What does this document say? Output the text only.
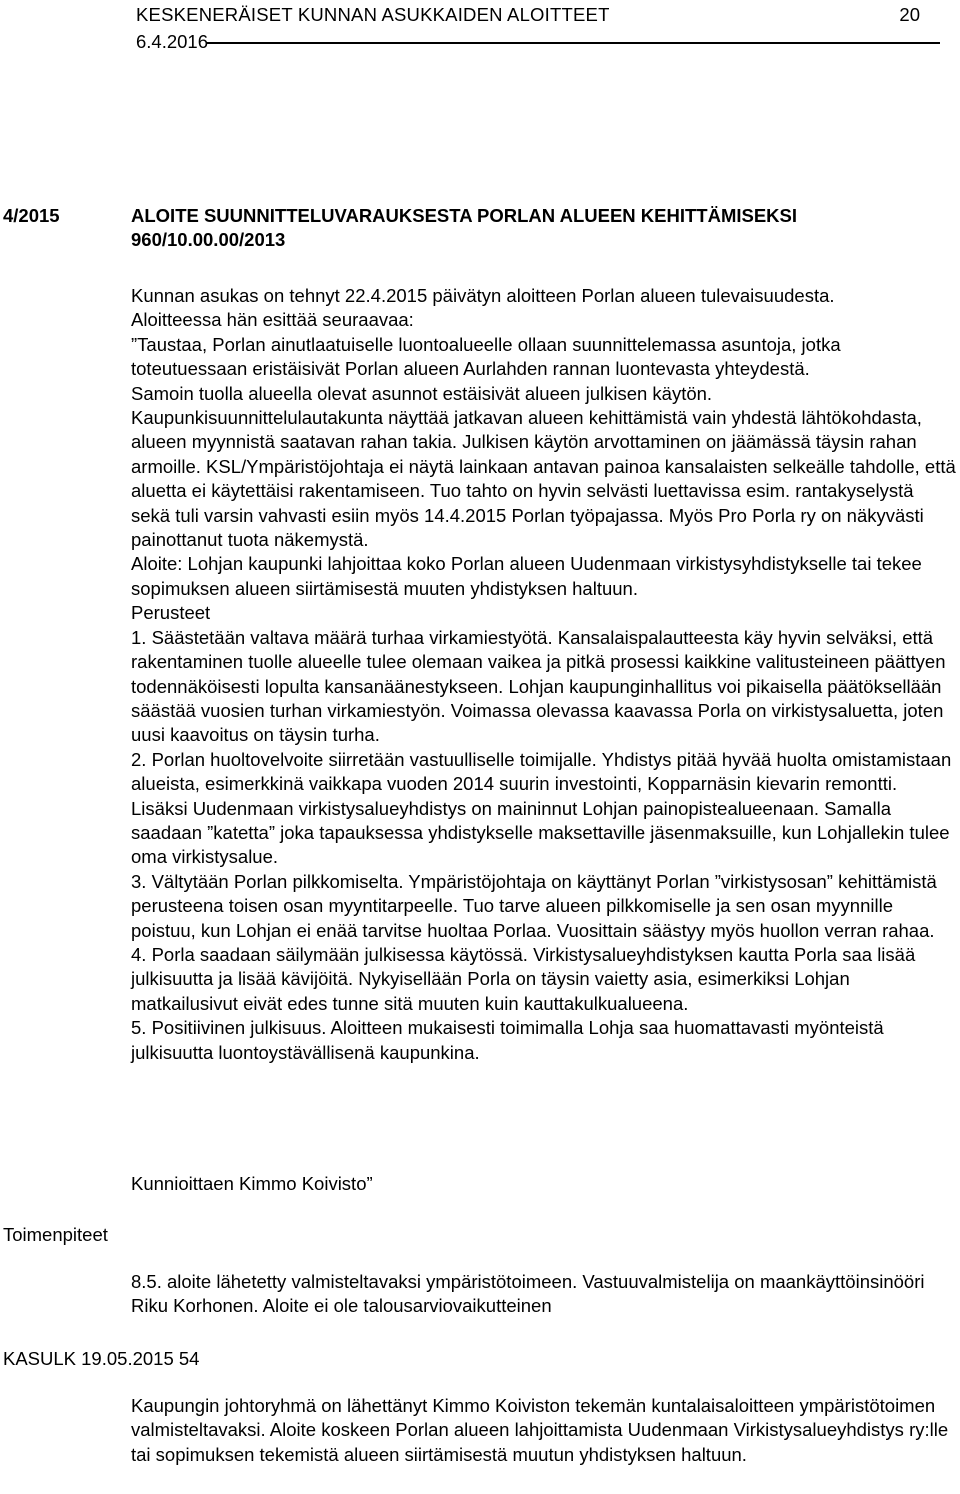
KESKENERÄISET KUNNAN ASUKKAIDEN ALOITTEET	20
6.4.2016
4/2015	ALOITE SUUNNITTELUVARAUKSESTA PORLAN ALUEEN KEHITTÄMISEKSI

960/10.00.00/2013

Kunnan asukas on tehnyt 22.4.2015 päivätyn aloitteen Porlan alueen tulevaisuudesta.

Aloitteessa hän esittää seuraavaa:

”Taustaa, Porlan ainutlaatuiselle luontoalueelle ollaan suunnittelemassa asuntoja, jotka toteutuessaan eristäisivät Porlan alueen Aurlahden rannan luontevasta yhteydestä.

Samoin tuolla alueella olevat asunnot estäisivät alueen julkisen käytön.

Kaupunkisuunnittelulautakunta näyttää jatkavan alueen kehittämistä vain yhdestä lähtökohdasta, alueen myynnistä saatavan rahan takia. Julkisen käytön arvottaminen on jäämässä täysin rahan armoille. KSL/Ympäristöjohtaja ei näytä lainkaan antavan painoa kansalaisten selkeälle tahdolle, että aluetta ei käytettäisi rakentamiseen. Tuo tahto on hyvin selvästi luettavissa esim. rantakyselystä sekä tuli varsin vahvasti esiin myös 14.4.2015 Porlan työpajassa. Myös Pro Porla ry on näkyvästi painottanut tuota näkemystä.

Aloite: Lohjan kaupunki lahjoittaa koko Porlan alueen Uudenmaan virkistysyhdistykselle tai tekee sopimuksen alueen siirtämisestä muuten yhdistyksen haltuun.

Perusteet

1. Säästetään valtava määrä turhaa virkamiestyötä. Kansalaispalautteesta käy hyvin selväksi, että rakentaminen tuolle alueelle tulee olemaan vaikea ja pitkä prosessi kaikkine valitusteineen päättyen todennäköisesti lopulta kansanäänestykseen. Lohjan kaupunginhallitus voi pikaisella päätöksellään säästää vuosien turhan virkamiestyön. Voimassa olevassa kaavassa Porla on virkistysaluetta, joten uusi kaavoitus on täysin turha.

2. Porlan huoltovelvoite siirretään vastuulliselle toimijalle. Yhdistys pitää hyvää huolta omistamistaan alueista, esimerkkinä vaikkapa vuoden 2014 suurin investointi, Kopparnäsin kievarin remontti. Lisäksi Uudenmaan virkistysalueyhdistys on maininnut Lohjan painopistealueenaan. Samalla saadaan ”katetta” joka tapauksessa yhdistykselle maksettaville jäsenmaksuille, kun Lohjallekin tulee oma virkistysalue.

3. Vältytään Porlan pilkkomiselta. Ympäristöjohtaja on käyttänyt Porlan ”virkistysosan” kehittämistä perusteena toisen osan myyntitarpeelle. Tuo tarve alueen pilkkomiselle ja sen osan myynnille poistuu, kun Lohjan ei enää tarvitse huoltaa Porlaa. Vuosittain säästyy myös huollon verran rahaa.

4. Porla saadaan säilymään julkisessa käytössä. Virkistysalueyhdistyksen kautta Porla saa lisää julkisuutta ja lisää kävijöitä. Nykyisellään Porla on täysin vaietty asia, esimerkiksi Lohjan matkailusivut eivät edes tunne sitä muuten kuin kauttakulkualueena.

5. Positiivinen julkisuus. Aloitteen mukaisesti toimimalla Lohja saa huomattavasti myönteistä julkisuutta luontoystävällisenä kaupunkina.

Kunnioittaen Kimmo Koivisto”
Toimenpiteet
8.5. aloite lähetetty valmisteltavaksi ympäristötoimeen. Vastuuvalmistelija on maankäyttöinsinööri Riku Korhonen. Aloite ei ole talousarviovaikutteinen
KASULK 19.05.2015 54
Kaupungin johtoryhmä on lähettänyt Kimmo Koiviston tekemän kuntalaisaloitteen ympäristötoimen valmisteltavaksi. Aloite koskeen Porlan alueen lahjoittamista Uudenmaan Virkistysalueyhdistys ry:lle tai sopimuksen tekemistä alueen siirtämisestä muutun yhdistyksen haltuun.
